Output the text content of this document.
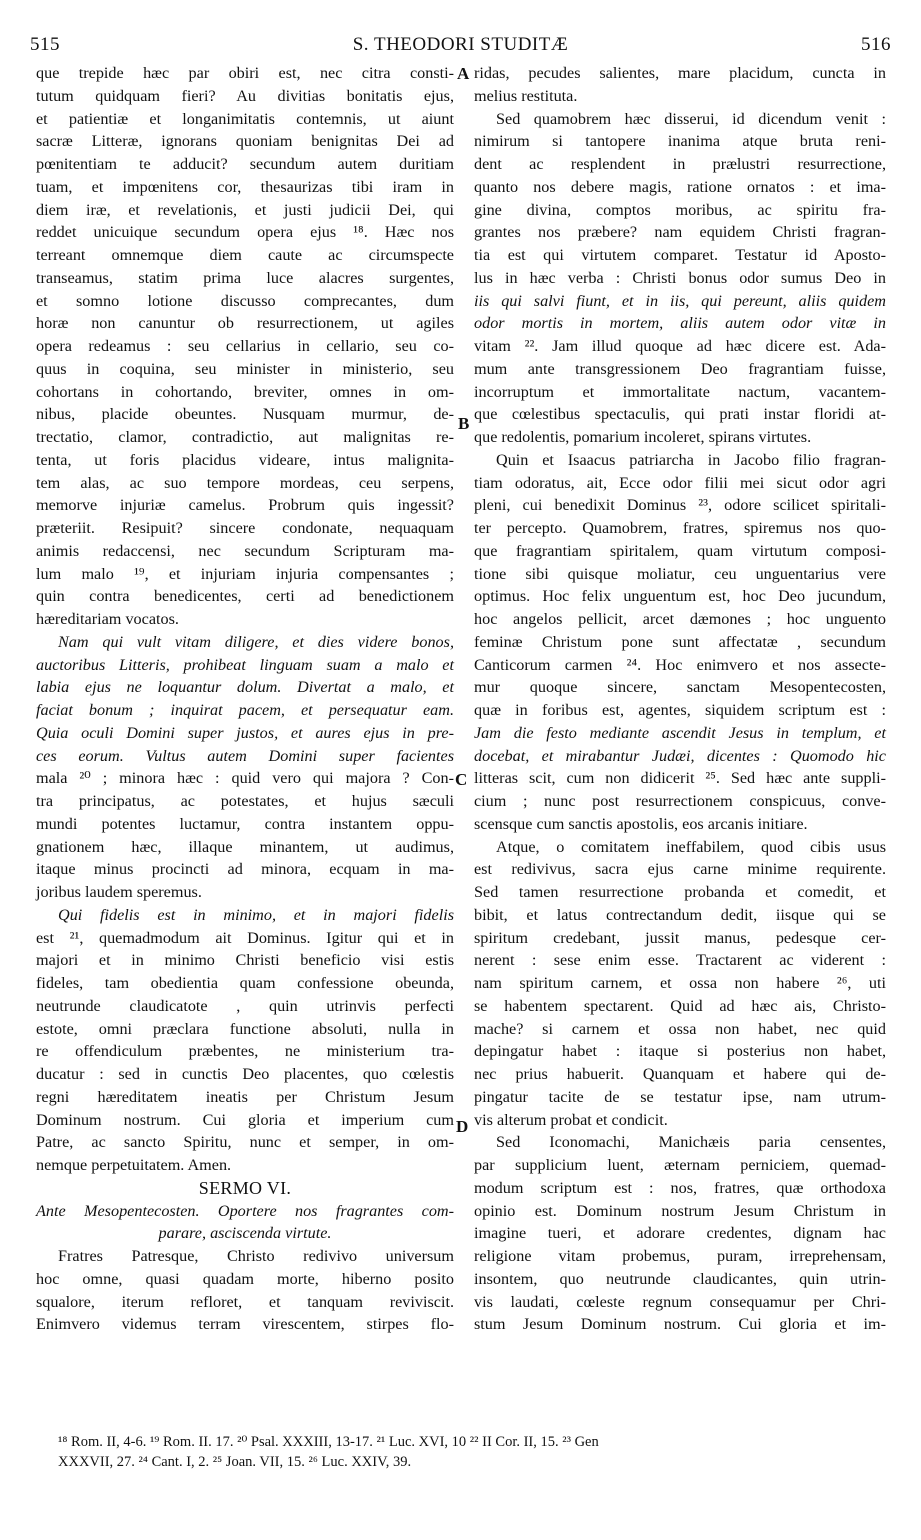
515	S. THEODORI STUDITÆ	516
A
B
C
D
que trepide hæc par obiri est, nec citra consti-
tutum quidquam fieri? Au divitias bonitatis ejus,
et patientiæ et longanimitatis contemnis, ut aiunt
sacræ Litteræ, ignorans quoniam benignitas Dei ad
pœnitentiam te adducit? secundum autem duritiam
tuam, et impœnitens cor, thesaurizas tibi iram in
diem iræ, et revelationis, et justi judicii Dei, qui
reddet unicuique secundum opera ejus ¹⁸. Hæc nos
terreant omnemque diem caute ac circumspecte
transeamus, statim prima luce alacres surgentes,
et somno lotione discusso comprecantes, dum
horæ non canuntur ob resurrectionem, ut agiles
opera redeamus : seu cellarius in cellario, seu co-
quus in coquina, seu minister in ministerio, seu
cohortans in cohortando, breviter, omnes in om-
nibus, placide obeuntes. Nusquam murmur, de-
trectatio, clamor, contradictio, aut malignitas re-
tenta, ut foris placidus videare, intus malignita-
tem alas, ac suo tempore mordeas, ceu serpens,
memorve injuriæ camelus. Probrum quis ingessit?
præteriit. Resipuit? sincere condonate, nequaquam
animis redaccensi, nec secundum Scripturam ma-
lum malo ¹⁹, et injuriam injuria compensantes ;
quin contra benedicentes, certi ad benedictionem
hæreditariam vocatos.
Nam qui vult vitam diligere, et dies videre bonos,
auctoribus Litteris, prohibeat linguam suam a malo et
labia ejus ne loquantur dolum. Divertat a malo, et
faciat bonum ; inquirat pacem, et persequatur eam.
Quia oculi Domini super justos, et aures ejus in pre-
ces eorum. Vultus autem Domini super facientes
mala ²⁰ ; minora hæc : quid vero qui majora ? Con-
tra principatus, ac potestates, et hujus sæculi
mundi potentes luctamur, contra instantem oppu-
gnationem hæc, illaque minantem, ut audimus,
itaque minus procincti ad minora, ecquam in ma-
joribus laudem speremus.
Qui fidelis est in minimo, et in majori fidelis
est ²¹, quemadmodum ait Dominus. Igitur qui et in
majori et in minimo Christi beneficio visi estis
fideles, tam obedientia quam confessione obeunda,
neutrunde claudicatote , quin utrinvis perfecti
estote, omni præclara functione absoluti, nulla in
re offendiculum præbentes, ne ministerium tra-
ducatur : sed in cunctis Deo placentes, quo cœlestis
regni hæreditatem ineatis per Christum Jesum
Dominum nostrum. Cui gloria et imperium cum
Patre, ac sancto Spiritu, nunc et semper, in om-
nemque perpetuitatem. Amen.
SERMO VI.
Ante Mesopentecosten. Oportere nos fragrantes com-
parare, asciscenda virtute.
Fratres Patresque, Christo redivivo universum
hoc omne, quasi quadam morte, hiberno posito
squalore, iterum refloret, et tanquam reviviscit.
Enimvero videmus terram virescentem, stirpes flo-
ridas, pecudes salientes, mare placidum, cuncta in
melius restituta.
Sed quamobrem hæc disserui, id dicendum venit :
nimirum si tantopere inanima atque bruta reni-
dent ac resplendent in prælustri resurrectione,
quanto nos debere magis, ratione ornatos : et ima-
gine divina, comptos moribus, ac spiritu fra-
grantes nos præbere? nam equidem Christi fragran-
tia est qui virtutem comparet. Testatur id Aposto-
lus in hæc verba : Christi bonus odor sumus Deo in
iis qui salvi fiunt, et in iis, qui pereunt, aliis quidem
odor mortis in mortem, aliis autem odor vitæ in
vitam ²². Jam illud quoque ad hæc dicere est. Ada-
mum ante transgressionem Deo fragrantiam fuisse,
incorruptum et immortalitate nactum, vacantem-
que cœlestibus spectaculis, qui prati instar floridi at-
que redolentis, pomarium incoleret, spirans virtutes.
Quin et Isaacus patriarcha in Jacobo filio fragran-
tiam odoratus, ait, Ecce odor filii mei sicut odor agri
pleni, cui benedixit Dominus ²³, odore scilicet spiritali-
ter percepto. Quamobrem, fratres, spiremus nos quo-
que fragrantiam spiritalem, quam virtutum composi-
tione sibi quisque moliatur, ceu unguentarius vere
optimus. Hoc felix unguentum est, hoc Deo jucundum,
hoc angelos pellicit, arcet dæmones ; hoc unguento
feminæ Christum pone sunt affectatæ , secundum
Canticorum carmen ²⁴. Hoc enimvero et nos assecte-
mur quoque sincere, sanctam Mesopentecosten,
quæ in foribus est, agentes, siquidem scriptum est :
Jam die festo mediante ascendit Jesus in templum, et
docebat, et mirabantur Judæi, dicentes : Quomodo hic
litteras scit, cum non didicerit ²⁵. Sed hæc ante suppli-
cium ; nunc post resurrectionem conspicuus, conve-
scensque cum sanctis apostolis, eos arcanis initiare.
Atque, o comitatem ineffabilem, quod cibis usus
est redivivus, sacra ejus carne minime requirente.
Sed tamen resurrectione probanda et comedit, et
bibit, et latus contrectandum dedit, iisque qui se
spiritum credebant, jussit manus, pedesque cer-
nerent : sese enim esse. Tractarent ac viderent :
nam spiritum carnem, et ossa non habere ²⁶, uti
se habentem spectarent. Quid ad hæc ais, Christo-
mache? si carnem et ossa non habet, nec quid
depingatur habet : itaque si posterius non habet,
nec prius habuerit. Quanquam et habere qui de-
pingatur tacite de se testatur ipse, nam utrum-
vis alterum probat et condicit.
Sed Iconomachi, Manichæis paria censentes,
par supplicium luent, æternam perniciem, quemad-
modum scriptum est : nos, fratres, quæ orthodoxa
opinio est. Dominum nostrum Jesum Christum in
imagine tueri, et adorare credentes, dignam hac
religione vitam probemus, puram, irreprehensam,
insontem, quo neutrunde claudicantes, quin utrin-
vis laudati, cœleste regnum consequamur per Chri-
stum Jesum Dominum nostrum. Cui gloria et im-
¹⁸ Rom. II, 4-6. ¹⁹ Rom. II. 17. ²⁰ Psal. XXXIII, 13-17. ²¹ Luc. XVI, 10 ²² II Cor. II, 15. ²³ Gen
XXXVII, 27. ²⁴ Cant. I, 2. ²⁵ Joan. VII, 15. ²⁶ Luc. XXIV, 39.
